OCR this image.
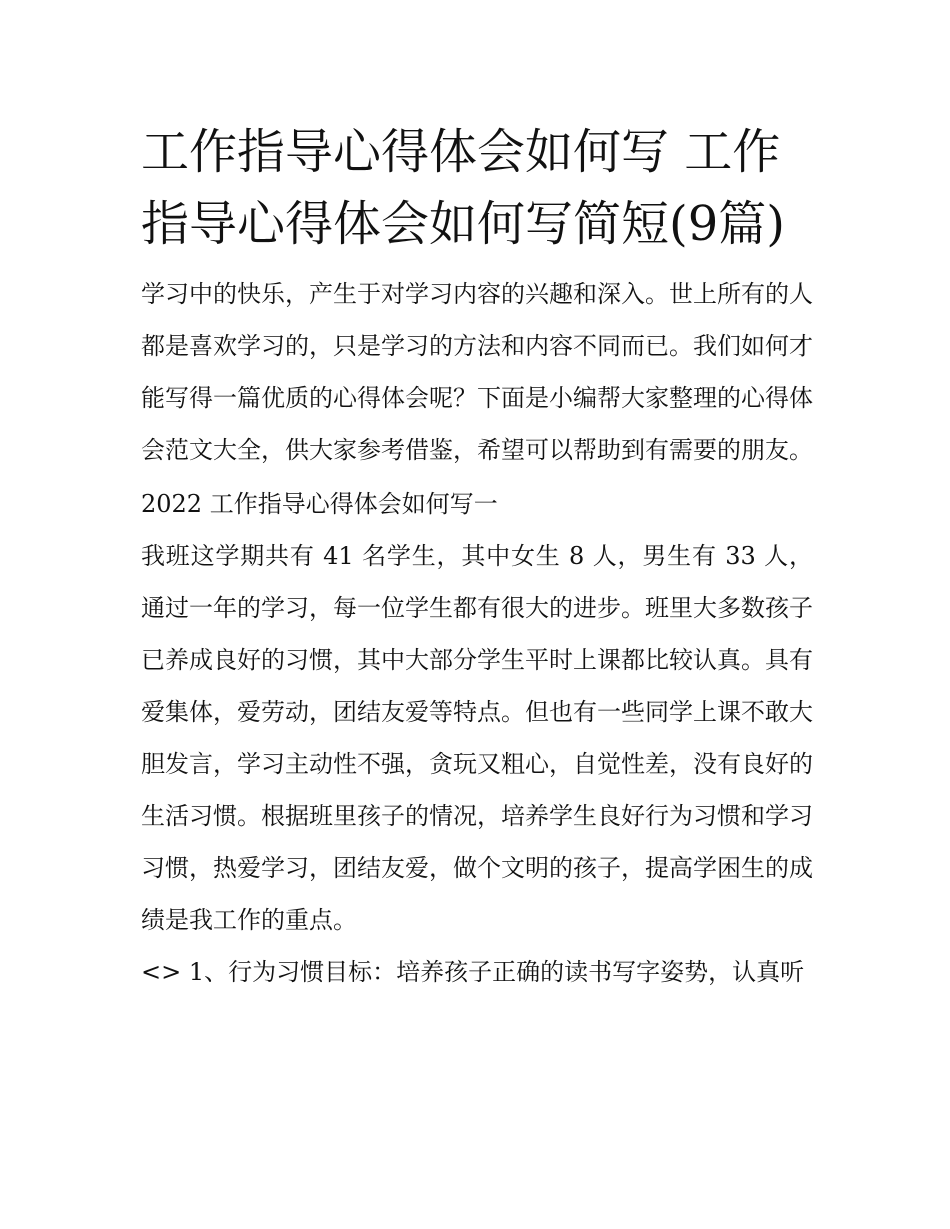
工作指导心得体会如何写 工作指导心得体会如何写简短(9篇)

学习中的快乐，产生于对学习内容的兴趣和深入。世上所有的人都是喜欢学习的，只是学习的方法和内容不同而已。我们如何才能写得一篇优质的心得体会呢？下面是小编帮大家整理的心得体会范文大全，供大家参考借鉴，希望可以帮助到有需要的朋友。

2022 工作指导心得体会如何写一

我班这学期共有 41 名学生，其中女生 8 人，男生有 33 人，通过一年的学习，每一位学生都有很大的进步。班里大多数孩子已养成良好的习惯，其中大部分学生平时上课都比较认真。具有爱集体，爱劳动，团结友爱等特点。但也有一些同学上课不敢大胆发言，学习主动性不强，贪玩又粗心，自觉性差，没有良好的生活习惯。根据班里孩子的情况，培养学生良好行为习惯和学习习惯，热爱学习，团结友爱，做个文明的孩子，提高学困生的成绩是我工作的重点。

<> 1、行为习惯目标：培养孩子正确的读书写字姿势，认真听
